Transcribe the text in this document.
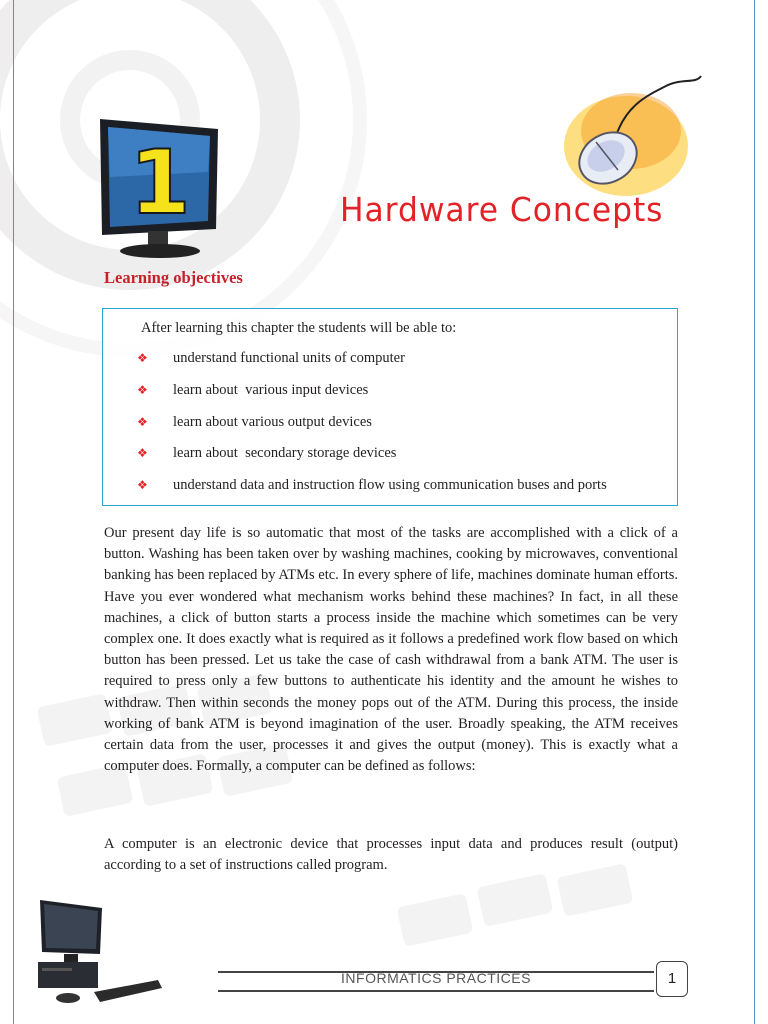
1	Hardware Concepts
Learning objectives
After learning this chapter the students will be able to:
❖ understand functional units of computer
❖ learn about  various input devices
❖ learn about various output devices
❖ learn about  secondary storage devices
❖ understand data and instruction flow using communication buses and ports

Our present day life is so automatic that most of the tasks are accomplished with a click of a button. Washing has been taken over by washing machines, cooking by microwaves, conventional banking has been replaced by ATMs etc. In every sphere of life, machines dominate human efforts. Have you ever wondered what mechanism works behind these machines? In fact, in all these machines, a click of button starts a process inside the machine which sometimes can be very complex one. It does exactly what is required as it follows a predefined work flow based on which button has been pressed. Let us take the case of cash withdrawal from a bank ATM. The user is required to press only a few buttons to authenticate his identity and the amount he wishes to withdraw. Then within seconds the money pops out of the ATM. During this process, the inside working of bank ATM is beyond imagination of the user. Broadly speaking, the ATM receives certain data from the user, processes it and gives the output (money). This is exactly what a computer does. Formally, a computer can be defined as follows:

A computer is an electronic device that processes input data and produces result (output) according to a set of instructions called program.

INFORMATICS PRACTICES	1
